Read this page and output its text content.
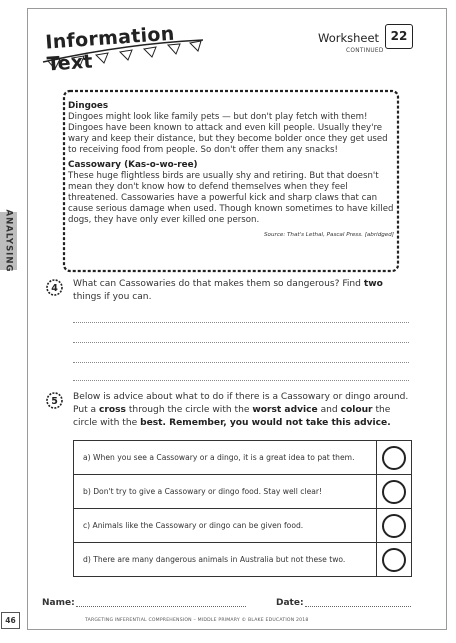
Information Text
Worksheet 22
CONTINUED
ANALYSING
Dingoes

Dingoes might look like family pets — but don't play fetch with them! Dingoes have been known to attack and even kill people. Usually they're wary and keep their distance, but they become bolder once they get used to receiving food from people. So don't offer them any snacks!

Cassowary (Kas-o-wo-ree)

These huge flightless birds are usually shy and retiring. But that doesn't mean they don't know how to defend themselves when they feel threatened. Cassowaries have a powerful kick and sharp claws that can cause serious damage when used. Though known sometimes to have killed dogs, they have only ever killed one person.

Source: That's Lethal, Pascal Press. [abridged]
4 What can Cassowaries do that makes them so dangerous? Find two things if you can.
5 Below is advice about what to do if there is a Cassowary or dingo around. Put a cross through the circle with the worst advice and colour the circle with the best. Remember, you would not take this advice.
a) When you see a Cassowary or a dingo, it is a great idea to pat them.	

b) Don't try to give a Cassowary or dingo food. Stay well clear!	

c) Animals like the Cassowary or dingo can be given food.	

d) There are many dangerous animals in Australia but not these two.	
Name:	Date:
46	TARGETING INFERENTIAL COMPREHENSION – MIDDLE PRIMARY © BLAKE EDUCATION 2018
